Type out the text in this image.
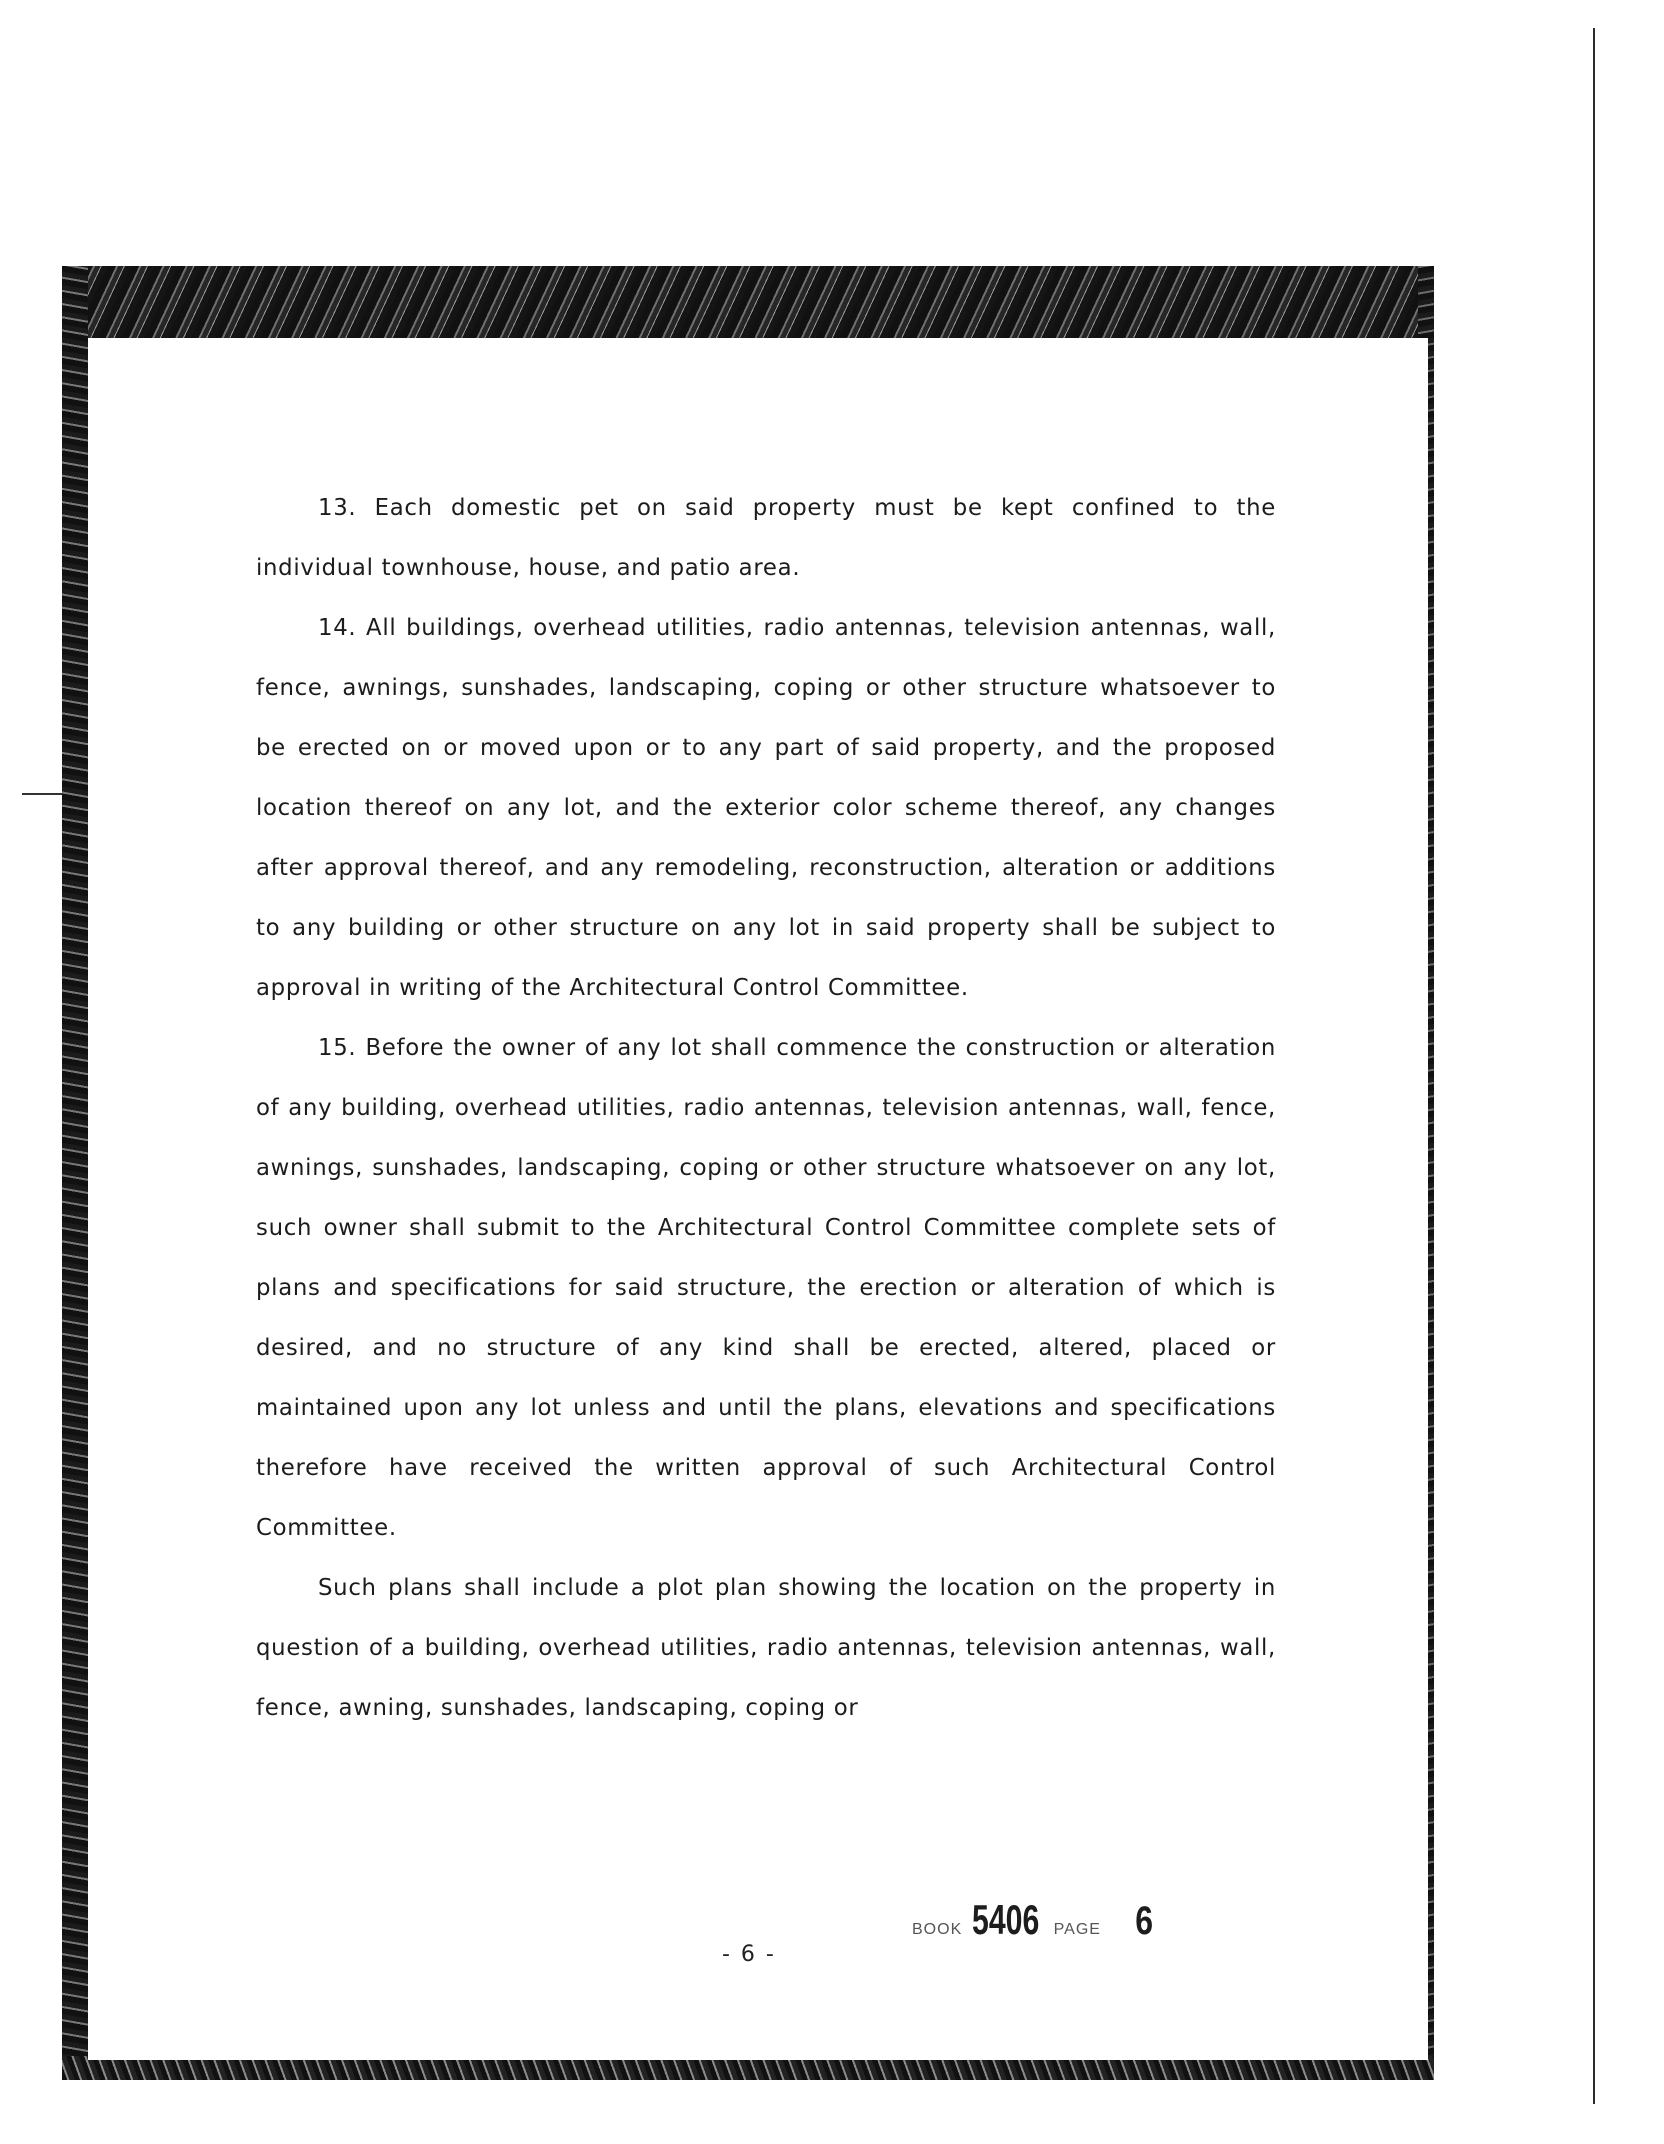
13. Each domestic pet on said property must be kept confined to the individual townhouse, house, and patio area.

14. All buildings, overhead utilities, radio antennas, television antennas, wall, fence, awnings, sunshades, landscaping, coping or other structure whatsoever to be erected on or moved upon or to any part of said property, and the proposed location thereof on any lot, and the exterior color scheme thereof, any changes after approval thereof, and any remodeling, reconstruction, alteration or additions to any building or other structure on any lot in said property shall be subject to approval in writing of the Architectural Control Committee.

15. Before the owner of any lot shall commence the construction or alteration of any building, overhead utilities, radio antennas, television antennas, wall, fence, awnings, sunshades, landscaping, coping or other structure whatsoever on any lot, such owner shall submit to the Architectural Control Committee complete sets of plans and specifications for said structure, the erection or alteration of which is desired, and no structure of any kind shall be erected, altered, placed or maintained upon any lot unless and until the plans, elevations and specifications therefore have received the written approval of such Architectural Control Committee.

Such plans shall include a plot plan showing the location on the property in question of a building, overhead utilities, radio antennas, television antennas, wall, fence, awning, sunshades, landscaping, coping or

- 6 -
BOOK 5406 PAGE 6
